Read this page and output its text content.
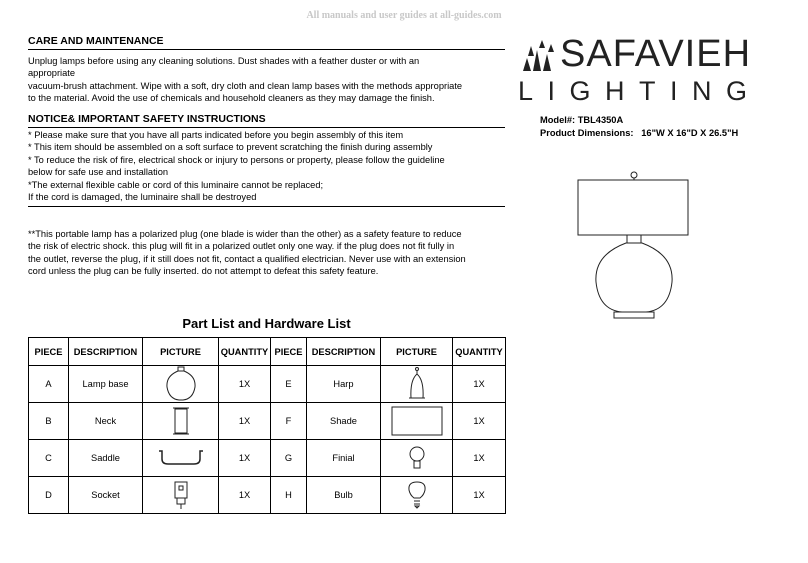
All manuals and user guides at all-guides.com
CARE AND MAINTENANCE
Unplug lamps before using any cleaning solutions. Dust shades with a feather duster or with an
appropriate
vacuum-brush attachment. Wipe with a soft, dry cloth and clean lamp bases with the methods appropriate
to the material. Avoid the use of chemicals and household cleaners as they may damage the finish.
NOTICE& IMPORTANT SAFETY INSTRUCTIONS
* Please make sure that you have all parts indicated before you begin assembly of this item
* This item should be assembled on a soft surface to prevent scratching the finish during assembly
* To reduce the risk of fire, electrical shock or injury to persons or property, please follow the guideline
below for safe use and installation
*The external flexible cable or cord of this luminaire cannot be replaced;
If the cord is damaged, the luminaire shall be destroyed
**This portable lamp has a polarized plug (one blade is wider than the other) as a safety feature to reduce
the risk of electric shock. this plug will fit in a polarized outlet only one way. if the plug does not fit fully in
the outlet, reverse the plug, if it still does not fit, contact a qualified electrician. Never use with an extension
cord unless the plug can be fully inserted. do not attempt to defeat this safety feature.
SAFAVIEH
LIGHTING
Model#: TBL4350A
Product Dimensions: 16"W X 16"D X 26.5"H
Part List and Hardware List
PIECE	DESCRIPTION	PICTURE	QUANTITY	PIECE	DESCRIPTION	PICTURE	QUANTITY
A	Lamp base		1X	E	Harp		1X
B	Neck		1X	F	Shade		1X
C	Saddle		1X	G	Finial		1X
D	Socket		1X	H	Bulb		1X
